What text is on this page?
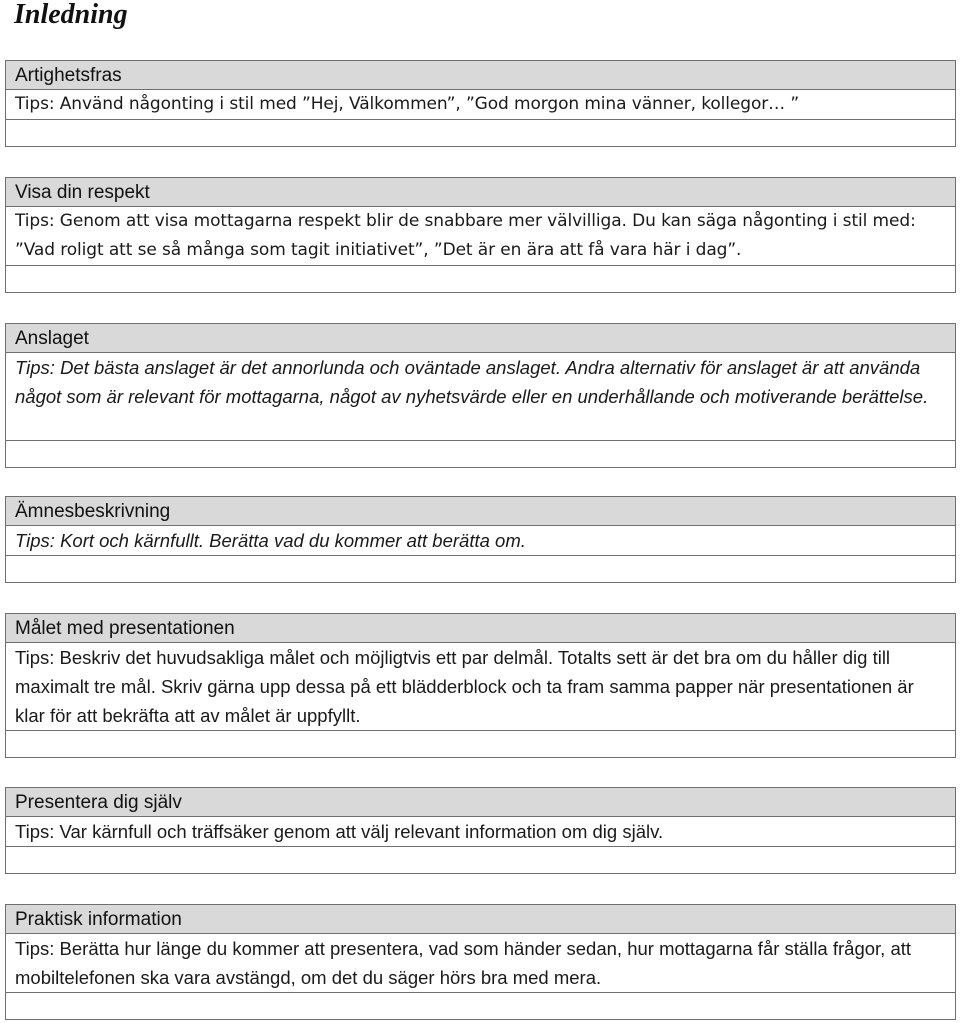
Inledning
Artighetsfras
Tips: Använd någonting i stil med ”Hej, Välkommen”, ”God morgon mina vänner, kollegor… ”
Visa din respekt
Tips: Genom att visa mottagarna respekt blir de snabbare mer välvilliga. Du kan säga någonting i stil med: ”Vad roligt att se så många som tagit initiativet”, ”Det är en ära att få vara här i dag”.
Anslaget
Tips: Det bästa anslaget är det annorlunda och oväntade anslaget. Andra alternativ för anslaget är att använda något som är relevant för mottagarna, något av nyhetsvärde eller en underhållande och motiverande berättelse.
Ämnesbeskrivning
Tips: Kort och kärnfullt. Berätta vad du kommer att berätta om.
Målet med presentationen
Tips: Beskriv det huvudsakliga målet och möjligtvis ett par delmål. Totalts sett är det bra om du håller dig till maximalt tre mål. Skriv gärna upp dessa på ett blädderblock och ta fram samma papper när presentationen är klar för att bekräfta att av målet är uppfyllt.
Presentera dig själv
Tips: Var kärnfull och träffsäker genom att välj relevant information om dig själv.
Praktisk information
Tips: Berätta hur länge du kommer att presentera, vad som händer sedan, hur mottagarna får ställa frågor, att mobiltelefonen ska vara avstängd, om det du säger hörs bra med mera.
